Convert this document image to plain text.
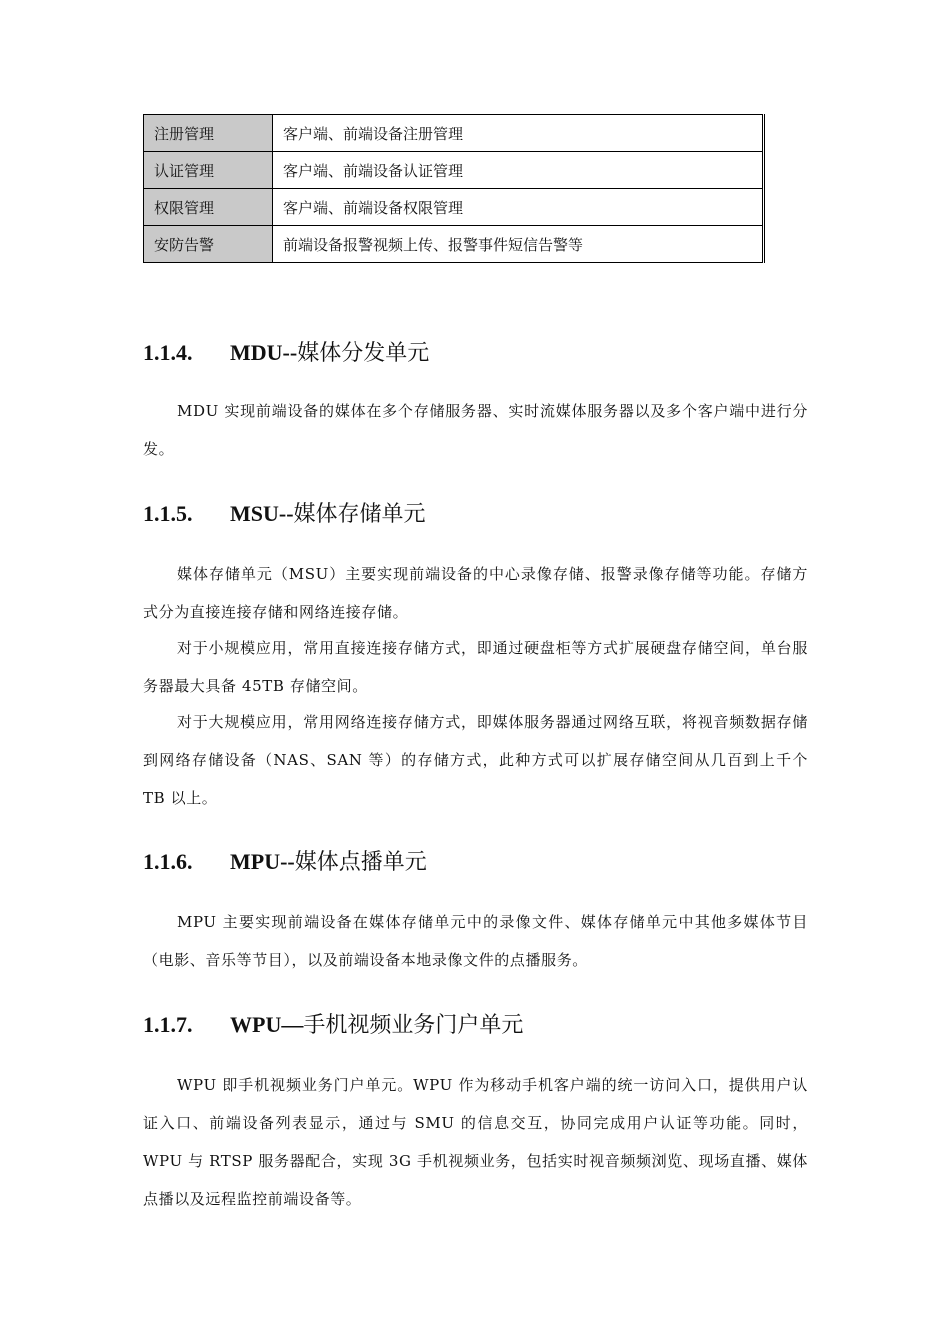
注册管理	客户端、前端设备注册管理
认证管理	客户端、前端设备认证管理
权限管理	客户端、前端设备权限管理
安防告警	前端设备报警视频上传、报警事件短信告警等
1.1.4. MDU--媒体分发单元

MDU 实现前端设备的媒体在多个存储服务器、实时流媒体服务器以及多个客户端中进行分发。

1.1.5. MSU--媒体存储单元

媒体存储单元（MSU）主要实现前端设备的中心录像存储、报警录像存储等功能。存储方式分为直接连接存储和网络连接存储。

对于小规模应用，常用直接连接存储方式，即通过硬盘柜等方式扩展硬盘存储空间，单台服务器最大具备 45TB 存储空间。

对于大规模应用，常用网络连接存储方式，即媒体服务器通过网络互联，将视音频数据存储到网络存储设备（NAS、SAN 等）的存储方式，此种方式可以扩展存储空间从几百到上千个 TB 以上。

1.1.6. MPU--媒体点播单元

MPU 主要实现前端设备在媒体存储单元中的录像文件、媒体存储单元中其他多媒体节目（电影、音乐等节目），以及前端设备本地录像文件的点播服务。

1.1.7. WPU—手机视频业务门户单元

WPU 即手机视频业务门户单元。WPU 作为移动手机客户端的统一访问入口，提供用户认证入口、前端设备列表显示，通过与 SMU 的信息交互，协同完成用户认证等功能。同时，WPU 与 RTSP 服务器配合，实现 3G 手机视频业务，包括实时视音频频浏览、现场直播、媒体点播以及远程监控前端设备等。
